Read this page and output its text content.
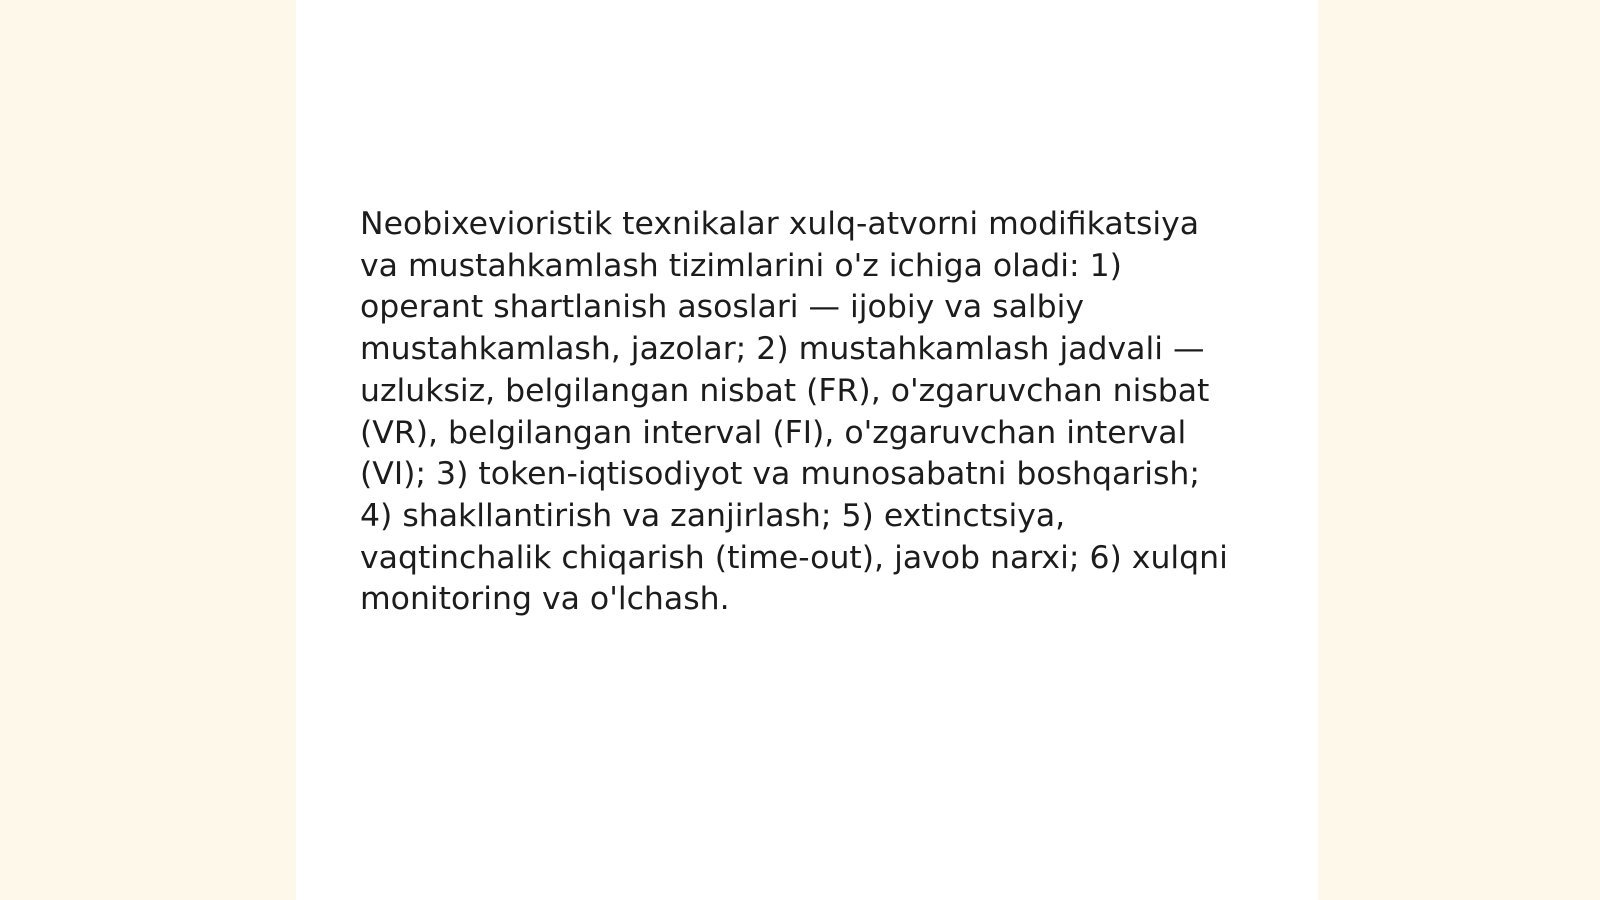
Neobixevioristik texnikalar xulq-atvorni modifikatsiya
va mustahkamlash tizimlarini o'z ichiga oladi: 1)
operant shartlanish asoslari — ijobiy va salbiy
mustahkamlash, jazolar; 2) mustahkamlash jadvali —
uzluksiz, belgilangan nisbat (FR), o'zgaruvchan nisbat
(VR), belgilangan interval (FI), o'zgaruvchan interval
(VI); 3) token-iqtisodiyot va munosabatni boshqarish;
4) shakllantirish va zanjirlash; 5) extinctsiya,
vaqtinchalik chiqarish (time-out), javob narxi; 6) xulqni
monitoring va o'lchash.
